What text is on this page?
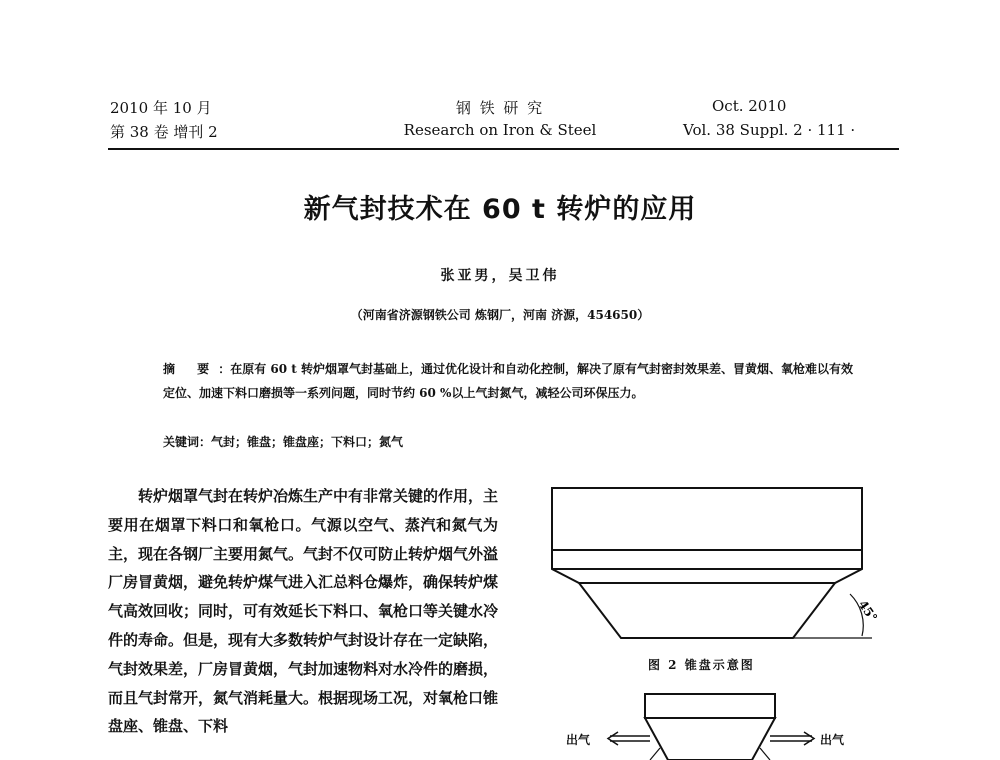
2010 年 10 月
第 38 卷 增刊 2
钢 铁 研 究
Research on Iron & Steel
Oct. 2010
Vol. 38 Suppl. 2 · 111 ·
新气封技术在 60 t 转炉的应用
张亚男，吴卫伟
（河南省济源钢铁公司 炼钢厂，河南 济源，454650）
摘 要：在原有 60 t 转炉烟罩气封基础上，通过优化设计和自动化控制，解决了原有气封密封效果差、冒黄烟、氧枪难以有效定位、加速下料口磨损等一系列问题，同时节约 60 %以上气封氮气，减轻公司环保压力。
关键词：气封；锥盘；锥盘座；下料口；氮气

转炉烟罩气封在转炉冶炼生产中有非常关键的作用，主要用在烟罩下料口和氧枪口。气源以空气、蒸汽和氮气为主，现在各钢厂主要用氮气。气封不仅可防止转炉烟气外溢厂房冒黄烟，避免转炉煤气进入汇总料仓爆炸，确保转炉煤气高效回收；同时，可有效延长下料口、氧枪口等关键水冷件的寿命。但是，现有大多数转炉气封设计存在一定缺陷，气封效果差，厂房冒黄烟，气封加速物料对水冷件的磨损，而且气封常开，氮气消耗量大。根据现场工况，对氧枪口锥盘座、锥盘、下料

45°
图 2 锥盘示意图
出气	出气
